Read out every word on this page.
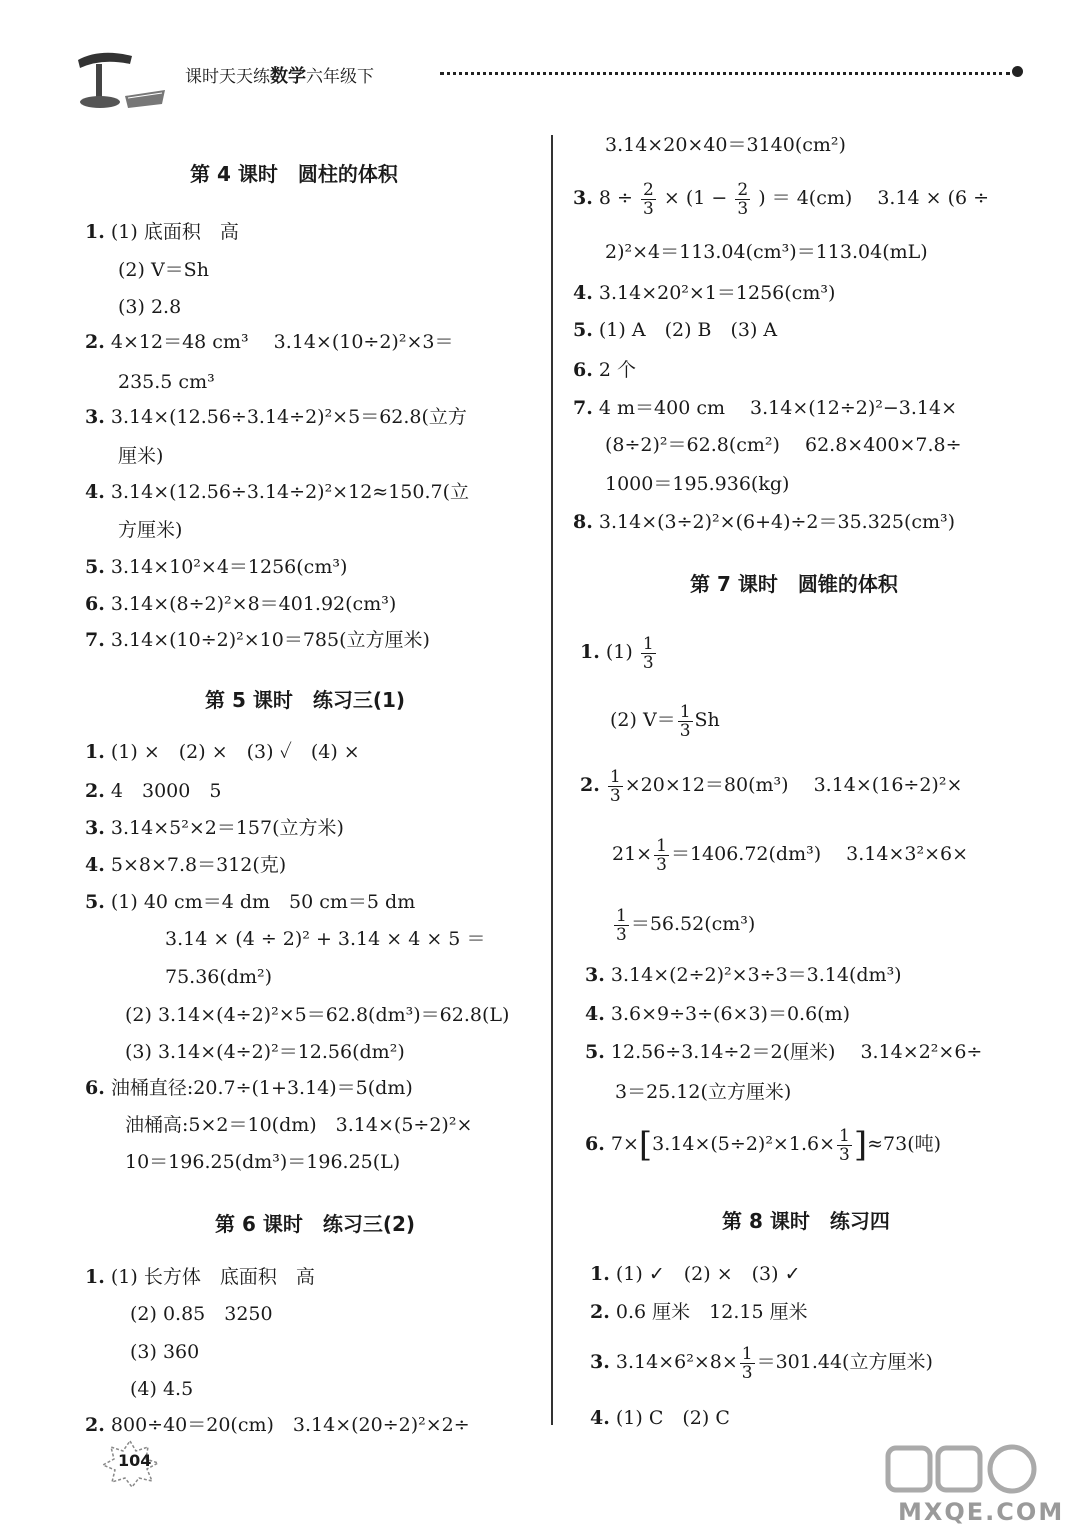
课时天天练数学六年级下
第 4 课时　圆柱的体积
1. (1) 底面积　高
(2) V＝Sh
(3) 2.8
2. 4×12＝48 cm³　 3.14×(10÷2)²×3＝
235.5 cm³
3. 3.14×(12.56÷3.14÷2)²×5＝62.8(立方
厘米)
4. 3.14×(12.56÷3.14÷2)²×12≈150.7(立
方厘米)
5. 3.14×10²×4＝1256(cm³)
6. 3.14×(8÷2)²×8＝401.92(cm³)
7. 3.14×(10÷2)²×10＝785(立方厘米)
第 5 课时　练习三(1)
1. (1) ×　(2) ×　(3) ✓　(4) ×
2. 4　3000　5
3. 3.14×5²×2＝157(立方米)
4. 5×8×7.8＝312(克)
5. (1) 40 cm＝4 dm　50 cm＝5 dm
3.14 × (4 ÷ 2)² + 3.14 × 4 × 5 ＝
75.36(dm²)
(2) 3.14×(4÷2)²×5＝62.8(dm³)＝62.8(L)
(3) 3.14×(4÷2)²＝12.56(dm²)
6. 油桶直径:20.7÷(1+3.14)＝5(dm)
油桶高:5×2＝10(dm)　3.14×(5÷2)²×
10＝196.25(dm³)＝196.25(L)
第 6 课时　练习三(2)
1. (1) 长方体　底面积　高
(2) 0.85　3250
(3) 360
(4) 4.5
2. 800÷40＝20(cm)　3.14×(20÷2)²×2÷
3.14×20×40＝3140(cm²)
3. $8 \div \frac{2}{3} \times (1 - \frac{2}{3}$ ) ＝ 4(cm)　 3.14 × (6 ÷
2)²×4＝113.04(cm³)＝113.04(mL)
4. 3.14×20²×1＝1256(cm³)
5. (1) A　(2) B　(3) A
6. 2 个
7. 4 m＝400 cm　 3.14×(12÷2)²−3.14×
(8÷2)²＝62.8(cm²)　 62.8×400×7.8÷
1000＝195.936(kg)
8. 3.14×(3÷2)²×(6+4)÷2＝35.325(cm³)
第 7 课时　圆锥的体积
1. $(1) \frac{1}{3}$
(2) $V= \frac{1}{3}$ Sh
2. $\frac{1}{3} \times 20\times 12=80(m^3)$　 3.14×(16÷2)²×
$21\times \frac{1}{3} =1406.72(dm^3)$　 3.14×3²×6×
$\frac{1}{3} =56.52(cm^3)$
3. 3.14×(2÷2)²×3÷3＝3.14(dm³)
4. 3.6×9÷3÷(6×3)＝0.6(m)
5. 12.56÷3.14÷2＝2(厘米)　 3.14×2²×6÷
3＝25.12(立方厘米)
6. $7\times[3.14\times(5\div 2)^2\times 1.6\times \frac{1}{3} ]\approx 73$(吨)
第 8 课时　练习四
1. (1) ✓　(2) ×　(3) ✓
2. 0.6 厘米　12.15 厘米
3. $3.14\times 6^2\times 8\times \frac{1}{3} =301.44$(立方厘米)
4. (1) C　(2) C
104
MXQE.COM
